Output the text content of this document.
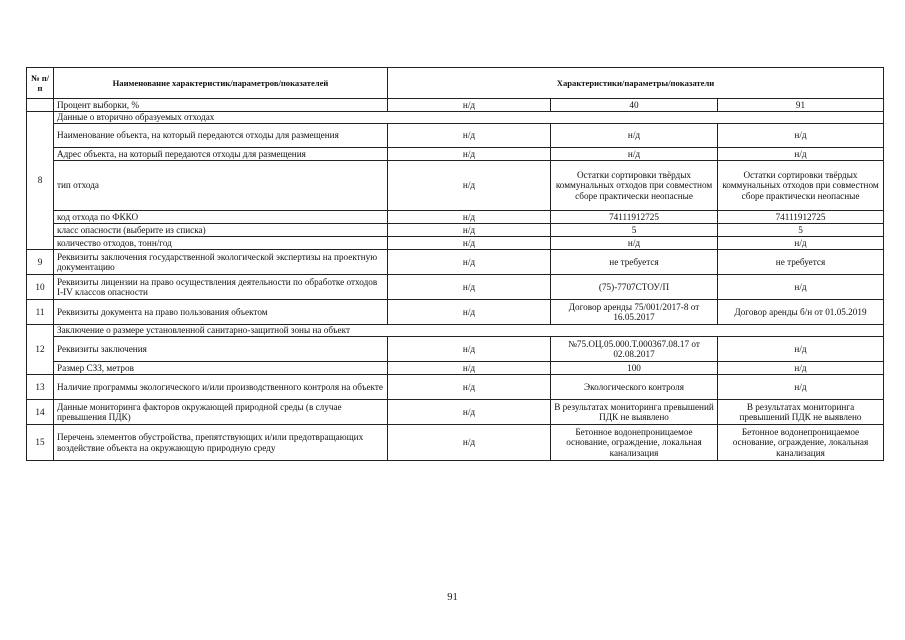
№ п/п	Наименование характеристик/параметров/показателей	Характеристики/параметры/показатели		
	Процент выборки, %	н/д	40	91
8	Данные о вторично образуемых отходах			
	Наименование объекта, на который передаются отходы для размещения	н/д	н/д	н/д
	Адрес объекта, на который передаются отходы для размещения	н/д	н/д	н/д
	тип отхода	н/д	Остатки сортировки твёрдых коммунальных отходов при совместном сборе практически неопасные	Остатки сортировки твёрдых коммунальных отходов при совместном сборе практически неопасные
	код отхода по ФККО	н/д	74111912725	74111912725
	класс опасности (выберите из списка)	н/д	5	5
	количество отходов, тонн/год	н/д	н/д	н/д
9	Реквизиты заключения государственной экологической экспертизы на проектную документацию	н/д	не требуется	не требуется
10	Реквизиты лицензии на право осуществления деятельности по обработке отходов I-IV классов опасности	н/д	(75)-7707СТОУ/П	н/д
11	Реквизиты документа на право пользования объектом	н/д	Договор аренды 75/001/2017-8 от 16.05.2017	Договор аренды б/н от 01.05.2019
12	Заключение о размере установленной санитарно-защитной зоны на объект			
	Реквизиты заключения	н/д	№75.ОЦ.05.000.Т.000367.08.17 от 02.08.2017	н/д
	Размер СЗЗ, метров	н/д	100	н/д
13	Наличие программы экологического и/или производственного контроля на объекте	н/д	Экологического контроля	н/д
14	Данные мониторинга факторов окружающей природной среды (в случае превышения ПДК)	н/д	В результатах мониторинга превышений ПДК не выявлено	В результатах мониторинга превышений ПДК не выявлено
15	Перечень элементов обустройства, препятствующих и/или предотвращающих воздействие объекта на окружающую природную среду	н/д	Бетонное водонепроницаемое основание, ограждение, локальная канализация	Бетонное водонепроницаемое основание, ограждение, локальная канализация
91
